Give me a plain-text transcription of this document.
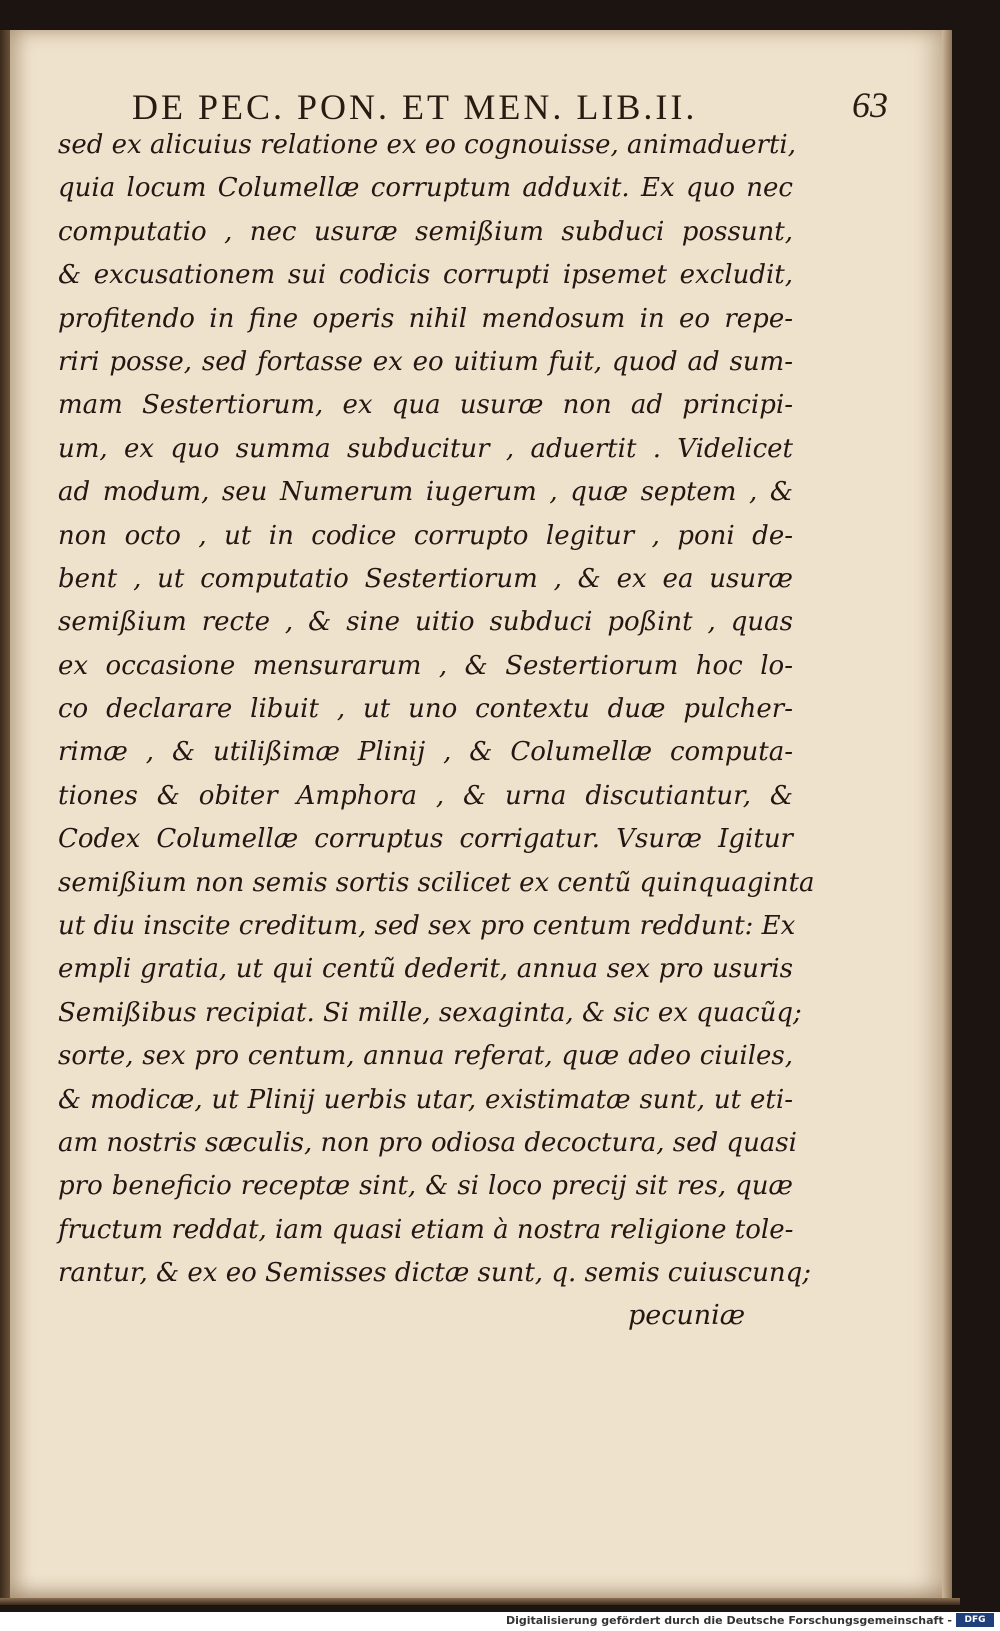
DE PEC. PON. ET MEN. LIB.II.	63
sed ex alicuius relatione ex eo cognouisse, animaduerti,
quia locum Columellæ corruptum adduxit. Ex quo nec
computatio , nec usuræ semißium subduci possunt,
& excusationem sui codicis corrupti ipsemet excludit,
profitendo in fine operis nihil mendosum in eo repe-
riri posse, sed fortasse ex eo uitium fuit, quod ad sum-
mam Sestertiorum, ex qua usuræ non ad principi-
um, ex quo summa subducitur , aduertit . Videlicet
ad modum, seu Numerum iugerum , quæ septem , &
non octo , ut in codice corrupto legitur , poni de-
bent , ut computatio Sestertiorum , & ex ea usuræ
semißium recte , & sine uitio subduci poßint , quas
ex occasione mensurarum , & Sestertiorum hoc lo-
co declarare libuit , ut uno contextu duæ pulcher-
rimæ , & utilißimæ Plinij , & Columellæ computa-
tiones & obiter Amphora , & urna discutiantur, &
Codex Columellæ corruptus corrigatur. Vsuræ Igitur
semißium non semis sortis scilicet ex centũ quinquaginta
ut diu inscite creditum, sed sex pro centum reddunt: Ex
empli gratia, ut qui centũ dederit, annua sex pro usuris
Semißibus recipiat. Si mille, sexaginta, & sic ex quacũq;
sorte, sex pro centum, annua referat, quæ adeo ciuiles,
& modicæ, ut Plinij uerbis utar, existimatæ sunt, ut eti-
am nostris sæculis, non pro odiosa decoctura, sed quasi
pro beneficio receptæ sint, & si loco precij sit res, quæ
fructum reddat, iam quasi etiam à nostra religione tole-
rantur, & ex eo Semisses dictæ sunt, q. semis cuiuscunq;
pecuniæ
Digitalisierung gefördert durch die Deutsche Forschungsgemeinschaft -	DFG
